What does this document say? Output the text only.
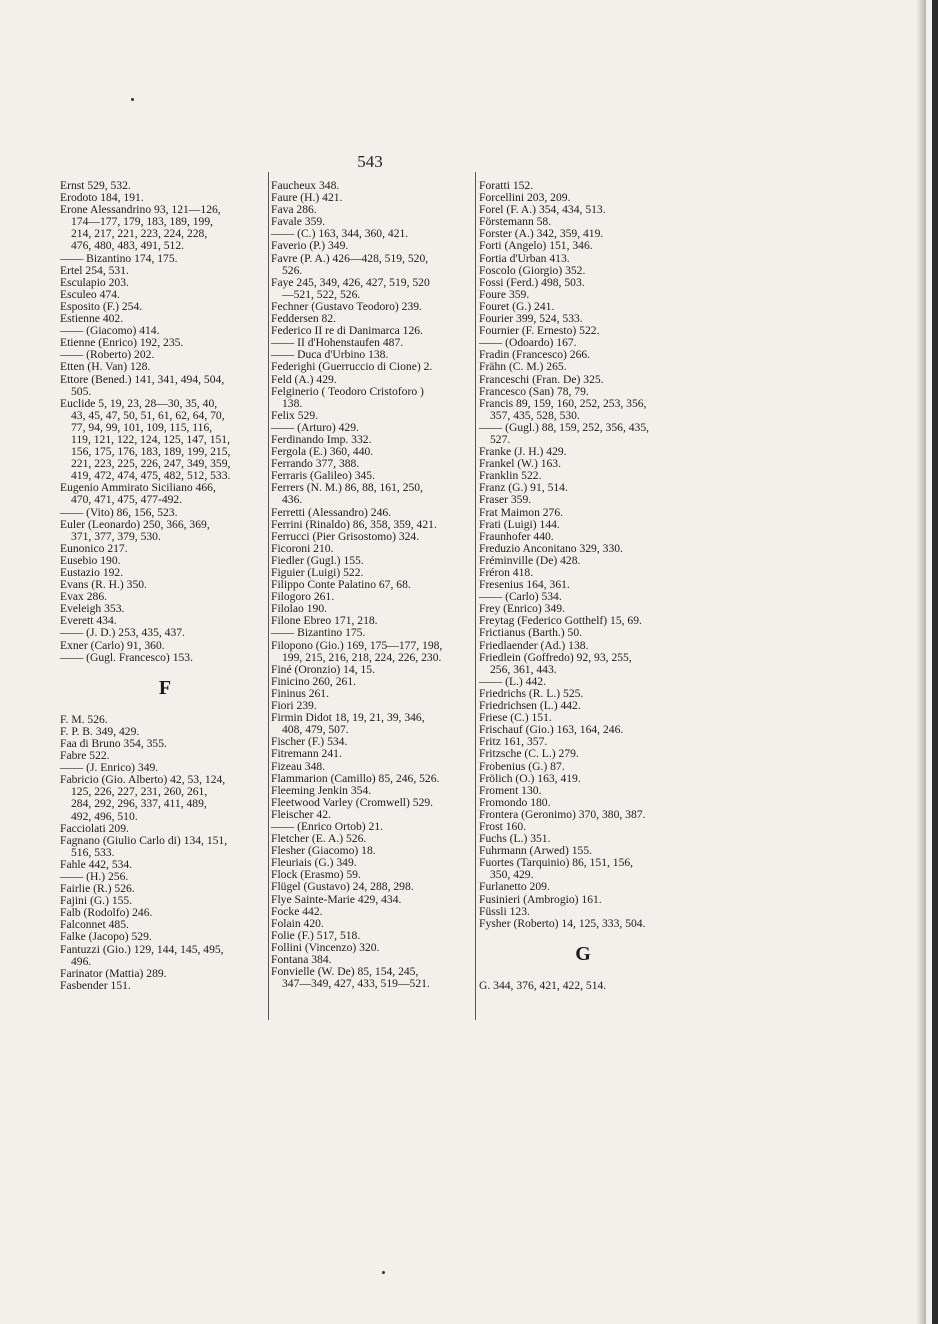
543
Ernst 529, 532.
Erodoto 184, 191.
Erone Alessandrino 93, 121—126,
174—177, 179, 183, 189, 199,
214, 217, 221, 223, 224, 228,
476, 480, 483, 491, 512.
—— Bizantino 174, 175.
Ertel 254, 531.
Esculapio 203.
Esculeo 474.
Esposito (F.) 254.
Estienne 402.
—— (Giacomo) 414.
Etienne (Enrico) 192, 235.
—— (Roberto) 202.
Etten (H. Van) 128.
Ettore (Bened.) 141, 341, 494, 504,
505.
Euclide 5, 19, 23, 28—30, 35, 40,
43, 45, 47, 50, 51, 61, 62, 64, 70,
77, 94, 99, 101, 109, 115, 116,
119, 121, 122, 124, 125, 147, 151,
156, 175, 176, 183, 189, 199, 215,
221, 223, 225, 226, 247, 349, 359,
419, 472, 474, 475, 482, 512, 533.
Eugenio Ammirato Siciliano 466,
470, 471, 475, 477-492.
—— (Vito) 86, 156, 523.
Euler (Leonardo) 250, 366, 369,
371, 377, 379, 530.
Eunonico 217.
Eusebio 190.
Eustazio 192.
Evans (R. H.) 350.
Evax 286.
Eveleigh 353.
Everett 434.
—— (J. D.) 253, 435, 437.
Exner (Carlo) 91, 360.
—— (Gugl. Francesco) 153.
F
F. M. 526.
F. P. B. 349, 429.
Faa di Bruno 354, 355.
Fabre 522.
—— (J. Enrico) 349.
Fabricio (Gio. Alberto) 42, 53, 124,
125, 226, 227, 231, 260, 261,
284, 292, 296, 337, 411, 489,
492, 496, 510.
Facciolati 209.
Fagnano (Giulio Carlo di) 134, 151,
516, 533.
Fahle 442, 534.
—— (H.) 256.
Fairlie (R.) 526.
Fajini (G.) 155.
Falb (Rodolfo) 246.
Falconnet 485.
Falke (Jacopo) 529.
Fantuzzi (Gio.) 129, 144, 145, 495,
496.
Farinator (Mattia) 289.
Fasbender 151.
Faucheux 348.
Faure (H.) 421.
Fava 286.
Favale 359.
—— (C.) 163, 344, 360, 421.
Faverio (P.) 349.
Favre (P. A.) 426—428, 519, 520,
526.
Faye 245, 349, 426, 427, 519, 520
—521, 522, 526.
Fechner (Gustavo Teodoro) 239.
Feddersen 82.
Federico II re di Danimarca 126.
—— II d'Hohenstaufen 487.
—— Duca d'Urbino 138.
Federighi (Guerruccio di Cione) 2.
Feld (A.) 429.
Felginerio ( Teodoro Cristoforo )
138.
Felix 529.
—— (Arturo) 429.
Ferdinando Imp. 332.
Fergola (E.) 360, 440.
Ferrando 377, 388.
Ferraris (Galileo) 345.
Ferrers (N. M.) 86, 88, 161, 250,
436.
Ferretti (Alessandro) 246.
Ferrini (Rinaldo) 86, 358, 359, 421.
Ferrucci (Pier Grisostomo) 324.
Ficoroni 210.
Fiedler (Gugl.) 155.
Figuier (Luigi) 522.
Filippo Conte Palatino 67, 68.
Filogoro 261.
Filolao 190.
Filone Ebreo 171, 218.
—— Bizantino 175.
Filopono (Gio.) 169, 175—177, 198,
199, 215, 216, 218, 224, 226, 230.
Finé (Oronzio) 14, 15.
Finicino 260, 261.
Fininus 261.
Fiori 239.
Firmin Didot 18, 19, 21, 39, 346,
408, 479, 507.
Fischer (F.) 534.
Fitremann 241.
Fizeau 348.
Flammarion (Camillo) 85, 246, 526.
Fleeming Jenkin 354.
Fleetwood Varley (Cromwell) 529.
Fleischer 42.
—— (Enrico Ortob) 21.
Fletcher (E. A.) 526.
Flesher (Giacomo) 18.
Fleuriais (G.) 349.
Flock (Erasmo) 59.
Flügel (Gustavo) 24, 288, 298.
Flye Sainte-Marie 429, 434.
Focke 442.
Folain 420.
Folie (F.) 517, 518.
Follini (Vincenzo) 320.
Fontana 384.
Fonvielle (W. De) 85, 154, 245,
347—349, 427, 433, 519—521.
Foratti 152.
Forcellini 203, 209.
Forel (F. A.) 354, 434, 513.
Förstemann 58.
Forster (A.) 342, 359, 419.
Forti (Angelo) 151, 346.
Fortia d'Urban 413.
Foscolo (Giorgio) 352.
Fossi (Ferd.) 498, 503.
Foure 359.
Fouret (G.) 241.
Fourier 399, 524, 533.
Fournier (F. Ernesto) 522.
—— (Odoardo) 167.
Fradin (Francesco) 266.
Frähn (C. M.) 265.
Franceschi (Fran. De) 325.
Francesco (San) 78, 79.
Francis 89, 159, 160, 252, 253, 356,
357, 435, 528, 530.
—— (Gugl.) 88, 159, 252, 356, 435,
527.
Franke (J. H.) 429.
Frankel (W.) 163.
Franklin 522.
Franz (G.) 91, 514.
Fraser 359.
Frat Maimon 276.
Frati (Luigi) 144.
Fraunhofer 440.
Freduzio Anconitano 329, 330.
Fréminville (De) 428.
Fréron 418.
Fresenius 164, 361.
—— (Carlo) 534.
Frey (Enrico) 349.
Freytag (Federico Gotthelf) 15, 69.
Frictianus (Barth.) 50.
Friedlaender (Ad.) 138.
Friedlein (Goffredo) 92, 93, 255,
256, 361, 443.
—— (L.) 442.
Friedrichs (R. L.) 525.
Friedrichsen (L.) 442.
Friese (C.) 151.
Frischauf (Gio.) 163, 164, 246.
Fritz 161, 357.
Fritzsche (C. L.) 279.
Frobenius (G.) 87.
Frölich (O.) 163, 419.
Froment 130.
Fromondo 180.
Frontera (Geronimo) 370, 380, 387.
Frost 160.
Fuchs (L.) 351.
Fuhrmann (Arwed) 155.
Fuortes (Tarquinio) 86, 151, 156,
350, 429.
Furlanetto 209.
Fusinieri (Ambrogio) 161.
Füssli 123.
Fysher (Roberto) 14, 125, 333, 504.
G
G. 344, 376, 421, 422, 514.
